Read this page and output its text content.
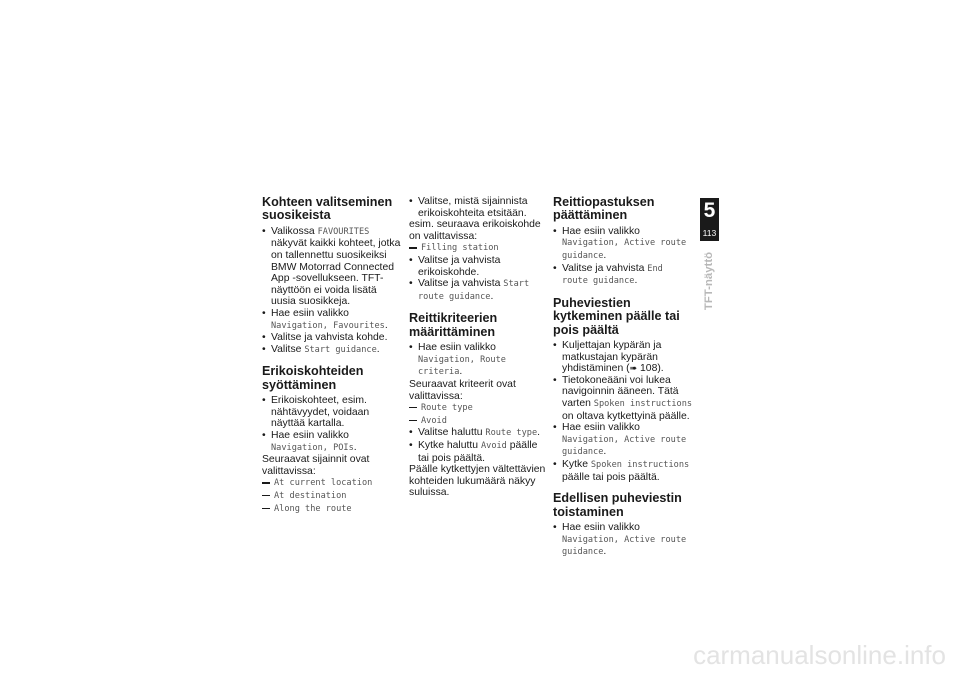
Kohteen valitseminen suosikeista
• Valikossa FAVOURITES näkyvät kaikki kohteet, jotka on tallennettu suosikeiksi BMW Motorrad Connected App -sovellukseen. TFT-näyttöön ei voida lisätä uusia suosikkeja.
• Hae esiin valikko Navigation, Favourites.
• Valitse ja vahvista kohde.
• Valitse Start guidance.
Erikoiskohteiden syöttäminen
• Erikoiskohteet, esim. nähtävyydet, voidaan näyttää kartalla.
• Hae esiin valikko Navigation, POIs.

Seuraavat sijainnit ovat valittavissa:

At current location
At destination
Along the route
• Valitse, mistä sijainnista erikoiskohteita etsitään.

esim. seuraava erikoiskohde on valittavissa:

Filling station
• Valitse ja vahvista erikoiskohde.
• Valitse ja vahvista Start route guidance.
Reittikriteerien määrittäminen
• Hae esiin valikko Navigation, Route criteria.

Seuraavat kriteerit ovat valittavissa:

Route type
Avoid
• Valitse haluttu Route type.
• Kytke haluttu Avoid päälle tai pois päältä.

Päälle kytkettyjen vältettävien kohteiden lukumäärä näkyy suluissa.

Reittiopastuksen päättäminen
• Hae esiin valikko Navigation, Active route guidance.
• Valitse ja vahvista End route guidance.
Puheviestien kytkeminen päälle tai pois päältä
• Kuljettajan kypärän ja matkustajan kypärän yhdistäminen (➠ 108).
• Tietokoneääni voi lukea navigoinnin ääneen. Tätä varten Spoken instructions on oltava kytkettyinä päälle.
• Hae esiin valikko Navigation, Active route guidance.
• Kytke Spoken instructions päälle tai pois päältä.
Edellisen puheviestin toistaminen
• Hae esiin valikko Navigation, Active route guidance.
5
113
TFT-näyttö
carmanualsonline.info
